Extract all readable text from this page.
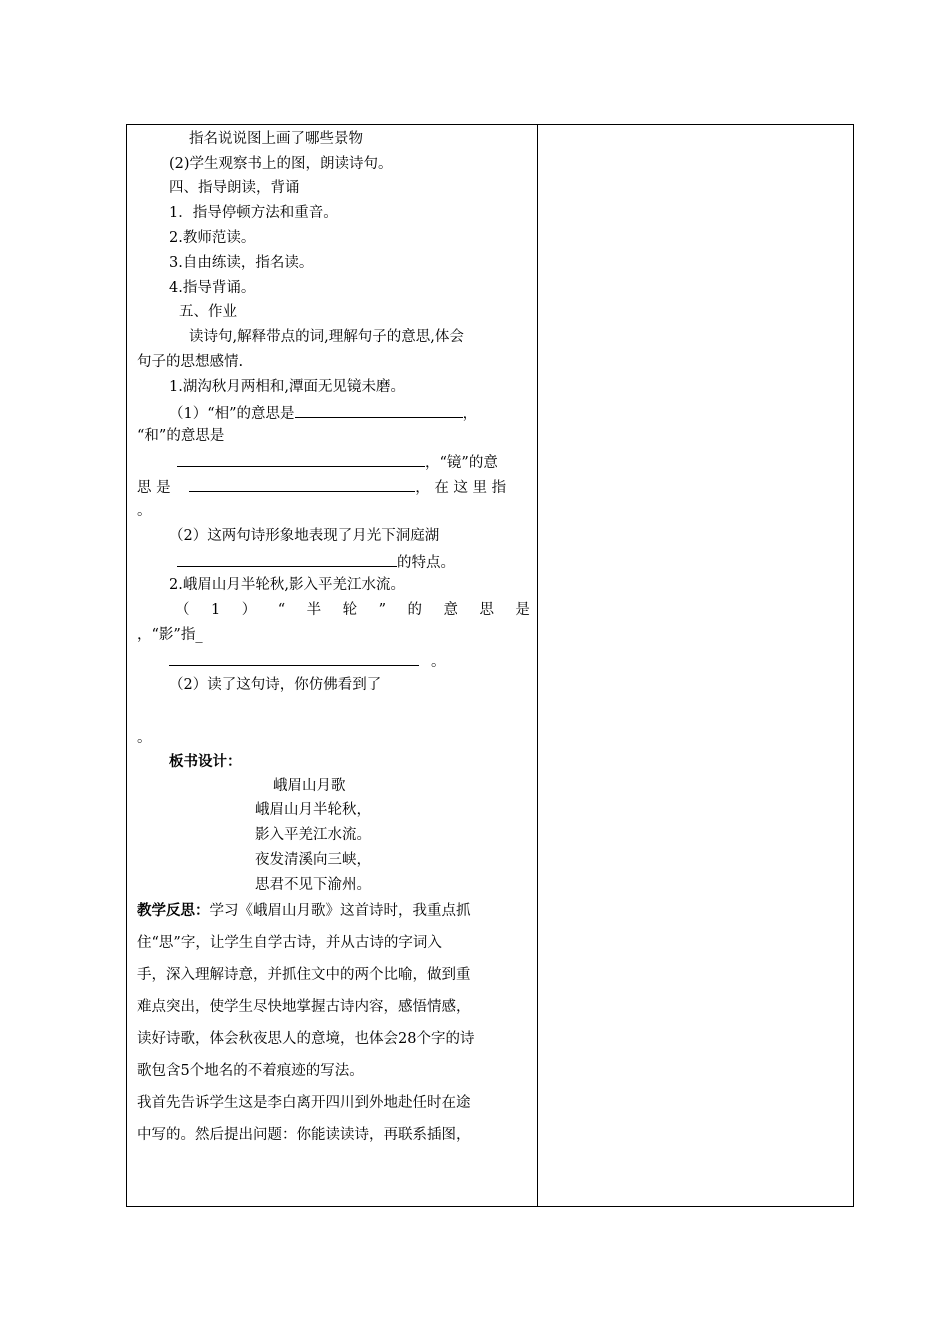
指名说说图上画了哪些景物
(2)学生观察书上的图，朗读诗句。
四、指导朗读，背诵
1．指导停顿方法和重音。
2.教师范读。
3.自由练读，指名读。
4.指导背诵。
五、作业
读诗句,解释带点的词,理解句子的意思,体会
句子的思想感情.
1.湖沟秋月两相和,潭面无见镜未磨。
（1）“相”的意思是	，
“和”的意思是
，“镜”的意
思 是	， 在 这 里 指
。
（2）这两句诗形象地表现了月光下洞庭湖
的特点。
2.峨眉山月半轮秋,影入平羌江水流。
（ 1 ） “ 半 轮 ” 的 意 思 是
，“影”指_
。
（2）读了这句诗，你仿佛看到了
。
板书设计：
峨眉山月歌
峨眉山月半轮秋，
影入平羌江水流。
夜发清溪向三峡，
思君不见下渝州。
教学反思：学习《峨眉山月歌》这首诗时，我重点抓
住“思”字，让学生自学古诗，并从古诗的字词入
手，深入理解诗意，并抓住文中的两个比喻，做到重
难点突出，使学生尽快地掌握古诗内容，感悟情感，
读好诗歌，体会秋夜思人的意境，也体会28个字的诗
歌包含5个地名的不着痕迹的写法。
我首先告诉学生这是李白离开四川到外地赴任时在途
中写的。然后提出问题：你能读读诗，再联系插图，
